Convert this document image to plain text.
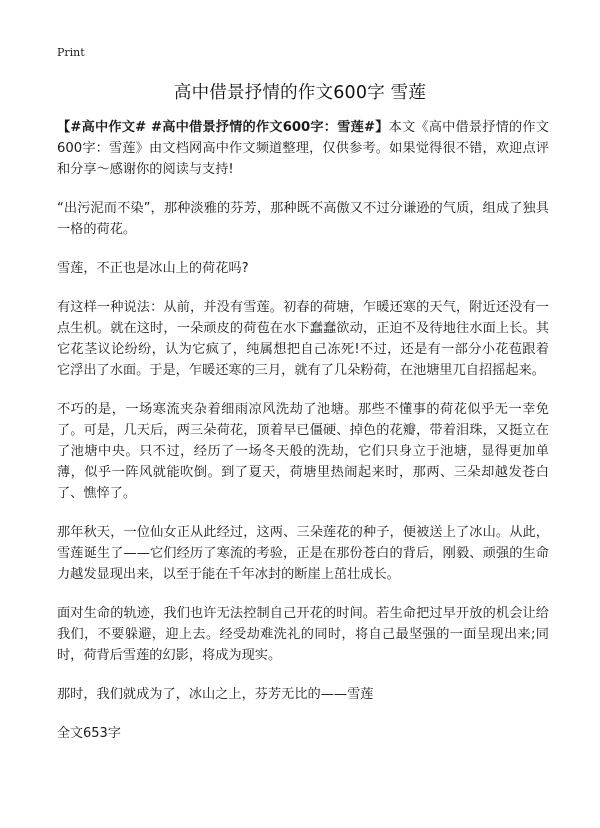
Print
高中借景抒情的作文600字 雪莲

【#高中作文# #高中借景抒情的作文600字：雪莲#】本文《高中借景抒情的作文600字：雪莲》由文档网高中作文频道整理，仅供参考。如果觉得很不错，欢迎点评和分享～感谢你的阅读与支持!

“出污泥而不染”，那种淡雅的芬芳，那种既不高傲又不过分谦逊的气质，组成了独具一格的荷花。

雪莲，不正也是冰山上的荷花吗?

有这样一种说法：从前，并没有雪莲。初春的荷塘，乍暖还寒的天气，附近还没有一点生机。就在这时，一朵顽皮的荷苞在水下蠢蠢欲动，正迫不及待地往水面上长。其它花茎议论纷纷，认为它疯了，纯属想把自己冻死!不过，还是有一部分小花苞跟着它浮出了水面。于是，乍暖还寒的三月，就有了几朵粉荷，在池塘里兀自招摇起来。

不巧的是，一场寒流夹杂着细雨凉风洗劫了池塘。那些不懂事的荷花似乎无一幸免了。可是，几天后，两三朵荷花，顶着早已僵硬、掉色的花瓣，带着泪珠，又挺立在了池塘中央。只不过，经历了一场冬天般的洗劫，它们只身立于池塘，显得更加单薄，似乎一阵风就能吹倒。到了夏天，荷塘里热闹起来时，那两、三朵却越发苍白了、憔悴了。

那年秋天，一位仙女正从此经过，这两、三朵莲花的种子，便被送上了冰山。从此，雪莲诞生了——它们经历了寒流的考验，正是在那份苍白的背后，刚毅、顽强的生命力越发显现出来，以至于能在千年冰封的断崖上茁壮成长。

面对生命的轨迹，我们也许无法控制自己开花的时间。若生命把过早开放的机会让给我们，不要躲避，迎上去。经受劫难洗礼的同时，将自己最坚强的一面呈现出来;同时，荷背后雪莲的幻影，将成为现实。

那时，我们就成为了，冰山之上，芬芳无比的——雪莲

全文653字
